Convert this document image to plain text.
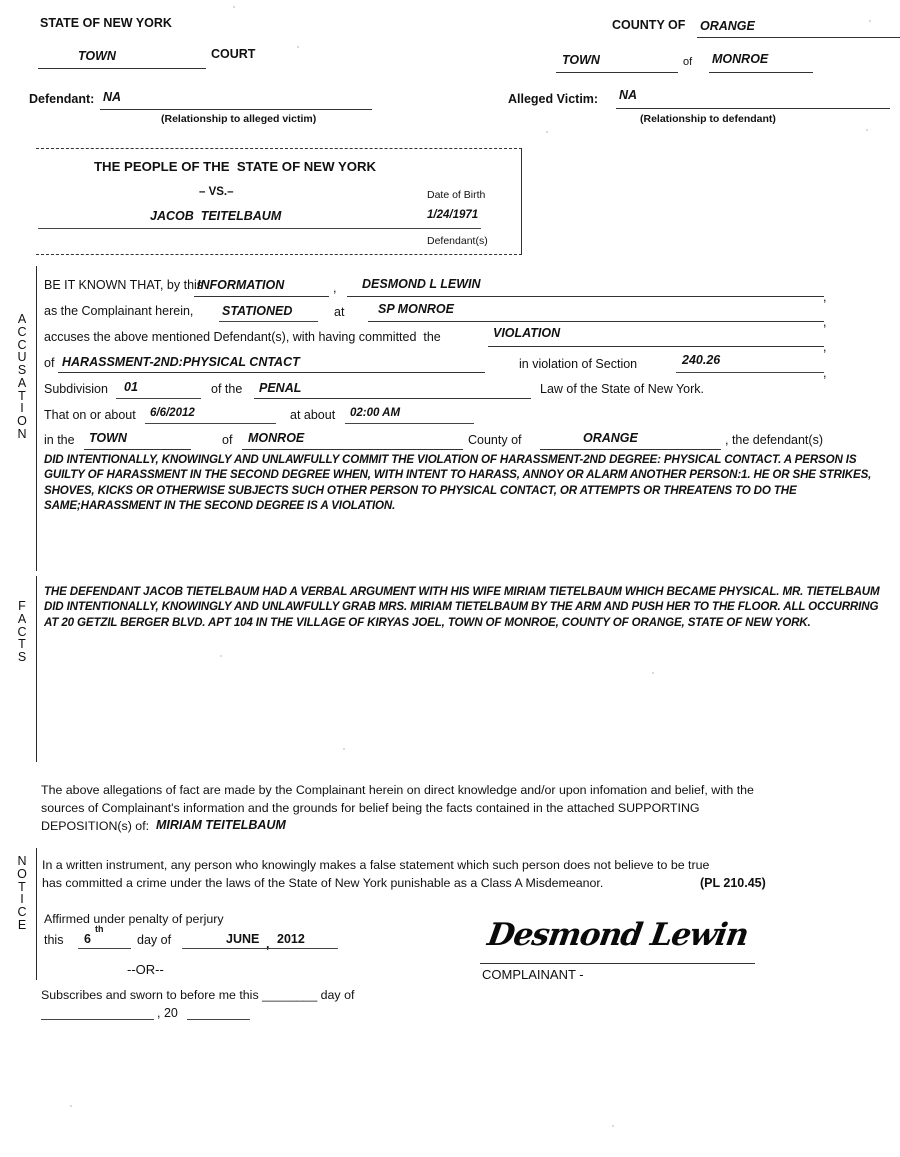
STATE OF NEW YORK
TOWN	COURT
COUNTY OF ORANGE
TOWN	of MONROE
Defendant: NA
(Relationship to alleged victim)
Alleged Victim: NA
(Relationship to defendant)
THE PEOPLE OF THE  STATE OF NEW YORK
– VS.–
JACOB  TEITELBAUM
Date of Birth
1/24/1971
Defendant(s)
A
C
C
U
S
A
T
I
O
N
BE IT KNOWN THAT, by this
INFORMATION	, DESMOND L LEWIN
,
as the Complainant herein, STATIONED	at	SP MONROE
,
accuses the above mentioned Defendant(s), with having committed  the	VIOLATION
,
of HARASSMENT-2ND:PHYSICAL CNTACT	in violation of Section	240.26
,
Subdivision 01	of the PENAL	Law of the State of New York.
That on or about 6/6/2012	at about 02:00 AM
in the TOWN	of MONROE	County of	ORANGE	, the defendant(s)
DID INTENTIONALLY, KNOWINGLY AND UNLAWFULLY COMMIT THE VIOLATION OF HARASSMENT-2ND DEGREE: PHYSICAL CONTACT. A PERSON IS GUILTY OF HARASSMENT IN THE SECOND DEGREE WHEN, WITH INTENT TO HARASS, ANNOY OR ALARM ANOTHER PERSON:1. HE OR SHE STRIKES, SHOVES, KICKS OR OTHERWISE SUBJECTS SUCH OTHER PERSON TO PHYSICAL CONTACT, OR ATTEMPTS OR THREATENS TO DO THE SAME;HARASSMENT IN THE SECOND DEGREE IS A VIOLATION.
F
A
C
T
S
THE DEFENDANT JACOB TIETELBAUM HAD A VERBAL ARGUMENT WITH HIS WIFE MIRIAM TIETELBAUM WHICH BECAME PHYSICAL. MR. TIETELBAUM DID INTENTIONALLY, KNOWINGLY AND UNLAWFULLY GRAB MRS. MIRIAM TIETELBAUM BY THE ARM AND PUSH HER TO THE FLOOR. ALL OCCURRING AT 20 GETZIL BERGER BLVD. APT 104 IN THE VILLAGE OF KIRYAS JOEL, TOWN OF MONROE, COUNTY OF ORANGE, STATE OF NEW YORK.
The above allegations of fact are made by the Complainant herein on direct knowledge and/or upon infomation and belief, with the
sources of Complainant's information and the grounds for belief being the facts contained in the attached SUPPORTING
DEPOSITION(s) of: MIRIAM TEITELBAUM
N
O
T
I
C
E
In a written instrument, any person who knowingly makes a false statement which such person does not believe to be true
has committed a crime under the laws of the State of New York punishable as a Class A Misdemeanor.	(PL 210.45)
Affirmed under penalty of perjury
this 6
th
day of	JUNE , 2012
--OR--
Subscribes and sworn to before me this ________ day of
, 20
Desmond Lewin
COMPLAINANT -
